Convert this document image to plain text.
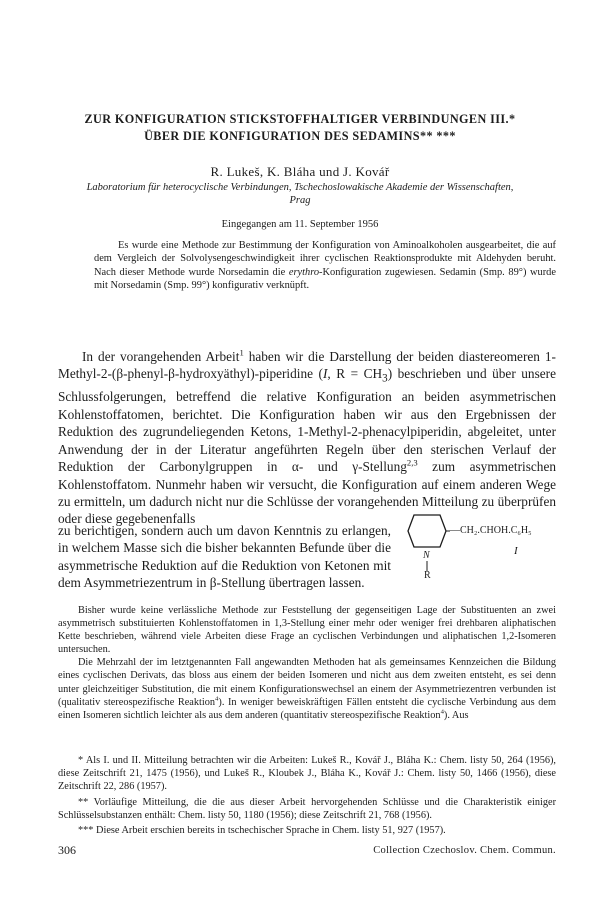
ZUR KONFIGURATION STICKSTOFFHALTIGER VERBINDUNGEN III.*
ÜBER DIE KONFIGURATION DES SEDAMINS** ***
R. Lukeš, K. Bláha und J. Kovář
Laboratorium für heterocyclische Verbindungen, Tschechoslowakische Akademie der Wissenschaften,
Prag
Eingegangen am 11. September 1956
Es wurde eine Methode zur Bestimmung der Konfiguration von Aminoalkoholen ausgearbeitet, die auf dem Vergleich der Solvolysengeschwindigkeit ihrer cyclischen Reaktionsprodukte mit Aldehyden beruht. Nach dieser Methode wurde Norsedamin die erythro-Konfiguration zugewiesen. Sedamin (Smp. 89°) wurde mit Norsedamin (Smp. 99°) konfigurativ verknüpft.
In der vorangehenden Arbeit$^1$ haben wir die Darstellung der beiden diastereomeren 1-Methyl-2-(β-phenyl-β-hydroxyäthyl)-piperidine (I, $R = CH_3$) beschrieben und über unsere Schlussfolgerungen, betreffend die relative Konfiguration an beiden asymmetrischen Kohlenstoffatomen, berichtet. Die Konfiguration haben wir aus den Ergebnissen der Reduktion des zugrundeliegenden Ketons, 1-Methyl-2-phenacylpiperidin, abgeleitet, unter Anwendung der in der Literatur angeführten Regeln über den sterischen Verlauf der Reduktion der Carbonylgruppen in α- und γ-Stellung$^{2,3}$ zum asymmetrischen Kohlenstoffatom. Nunmehr haben wir versucht, die Konfiguration auf einem anderen Wege zu ermitteln, um dadurch nicht nur die Schlüsse der vorangehenden Mitteilung zu überprüfen oder diese gegebenenfalls
zu berichtigen, sondern auch um davon Kenntnis zu erlangen, in welchem Masse sich die bisher bekannten Befunde über die asymmetrische Reduktion auf die Reduktion von Ketonen mit dem Asymmetriezentrum in β-Stellung übertragen lassen.
—CH₂.CHOH.C₆H₅
N
R
I

Bisher wurde keine verlässliche Methode zur Feststellung der gegenseitigen Lage der Substituenten an zwei asymmetrisch substituierten Kohlenstoffatomen in 1,3-Stellung einer mehr oder weniger frei drehbaren aliphatischen Kette beschrieben, während viele Arbeiten diese Frage an cyclischen Verbindungen und aliphatischen 1,2-Isomeren untersuchen.

Die Mehrzahl der im letztgenannten Fall angewandten Methoden hat als gemeinsames Kennzeichen die Bildung eines cyclischen Derivats, das bloss aus einem der beiden Isomeren und nicht aus dem zweiten entsteht, es sei denn unter gleichzeitiger Substitution, die mit einem Konfigurationswechsel an einem der Asymmetriezentren verbunden ist (qualitativ stereospezifische Reaktion$^4$). In weniger beweiskräftigen Fällen entsteht die cyclische Verbindung aus dem einen Isomeren sichtlich leichter als aus dem anderen (quantitativ stereospezifische Reaktion$^4$). Aus

* Als I. und II. Mitteilung betrachten wir die Arbeiten: Lukeš R., Kovář J., Bláha K.: Chem. listy 50, 264 (1956), diese Zeitschrift 21, 1475 (1956), und Lukeš R., Kloubek J., Bláha K., Kovář J.: Chem. listy 50, 1466 (1956), diese Zeitschrift 22, 286 (1957).

** Vorläufige Mitteilung, die die aus dieser Arbeit hervorgehenden Schlüsse und die Charakteristik einiger Schlüsselsubstanzen enthält: Chem. listy 50, 1180 (1956); diese Zeitschrift 21, 768 (1956).

*** Diese Arbeit erschien bereits in tschechischer Sprache in Chem. listy 51, 927 (1957).

306	Collection Czechoslov. Chem. Commun.
